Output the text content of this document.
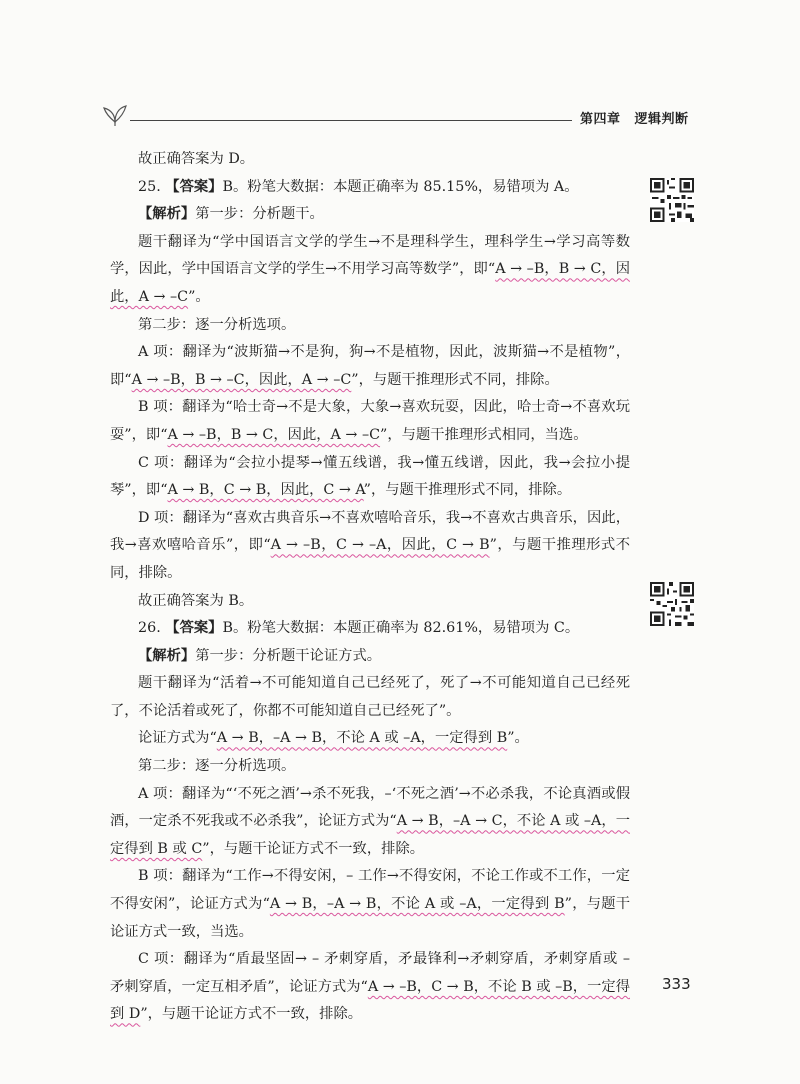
第四章 逻辑判断

故正确答案为 D。

25. 【答案】B。粉笔大数据：本题正确率为 85.15%，易错项为 A。

【解析】第一步：分析题干。

题干翻译为“学中国语言文学的学生→不是理科学生，理科学生→学习高等数学，因此，学中国语言文学的学生→不用学习高等数学”，即“A → –B，B → C，因此，A → –C”。

第二步：逐一分析选项。

A 项：翻译为“波斯猫→不是狗，狗→不是植物，因此，波斯猫→不是植物”，即“A → –B，B → –C，因此，A → –C”，与题干推理形式不同，排除。

B 项：翻译为“哈士奇→不是大象，大象→喜欢玩耍，因此，哈士奇→不喜欢玩耍”，即“A → –B，B → C，因此，A → –C”，与题干推理形式相同，当选。

C 项：翻译为“会拉小提琴→懂五线谱，我→懂五线谱，因此，我→会拉小提琴”，即“A → B，C → B，因此，C → A”，与题干推理形式不同，排除。

D 项：翻译为“喜欢古典音乐→不喜欢嘻哈音乐，我→不喜欢古典音乐，因此，我→喜欢嘻哈音乐”，即“A → –B，C → –A，因此，C → B”，与题干推理形式不同，排除。

故正确答案为 B。

26. 【答案】B。粉笔大数据：本题正确率为 82.61%，易错项为 C。

【解析】第一步：分析题干论证方式。

题干翻译为“活着→不可能知道自己已经死了，死了→不可能知道自己已经死了，不论活着或死了，你都不可能知道自己已经死了”。

论证方式为“A → B，–A → B，不论 A 或 –A，一定得到 B”。

第二步：逐一分析选项。

A 项：翻译为“‘不死之酒’→杀不死我，–‘不死之酒’→不必杀我，不论真酒或假酒，一定杀不死我或不必杀我”，论证方式为“A → B，–A → C，不论 A 或 –A，一定得到 B 或 C”，与题干论证方式不一致，排除。

B 项：翻译为“工作→不得安闲，– 工作→不得安闲，不论工作或不工作，一定不得安闲”，论证方式为“A → B，–A → B，不论 A 或 –A，一定得到 B”，与题干论证方式一致，当选。

C 项：翻译为“盾最坚固→ – 矛刺穿盾，矛最锋利→矛刺穿盾，矛刺穿盾或 – 矛刺穿盾，一定互相矛盾”，论证方式为“A → –B，C → B，不论 B 或 –B，一定得到 D”，与题干论证方式不一致，排除。

333
